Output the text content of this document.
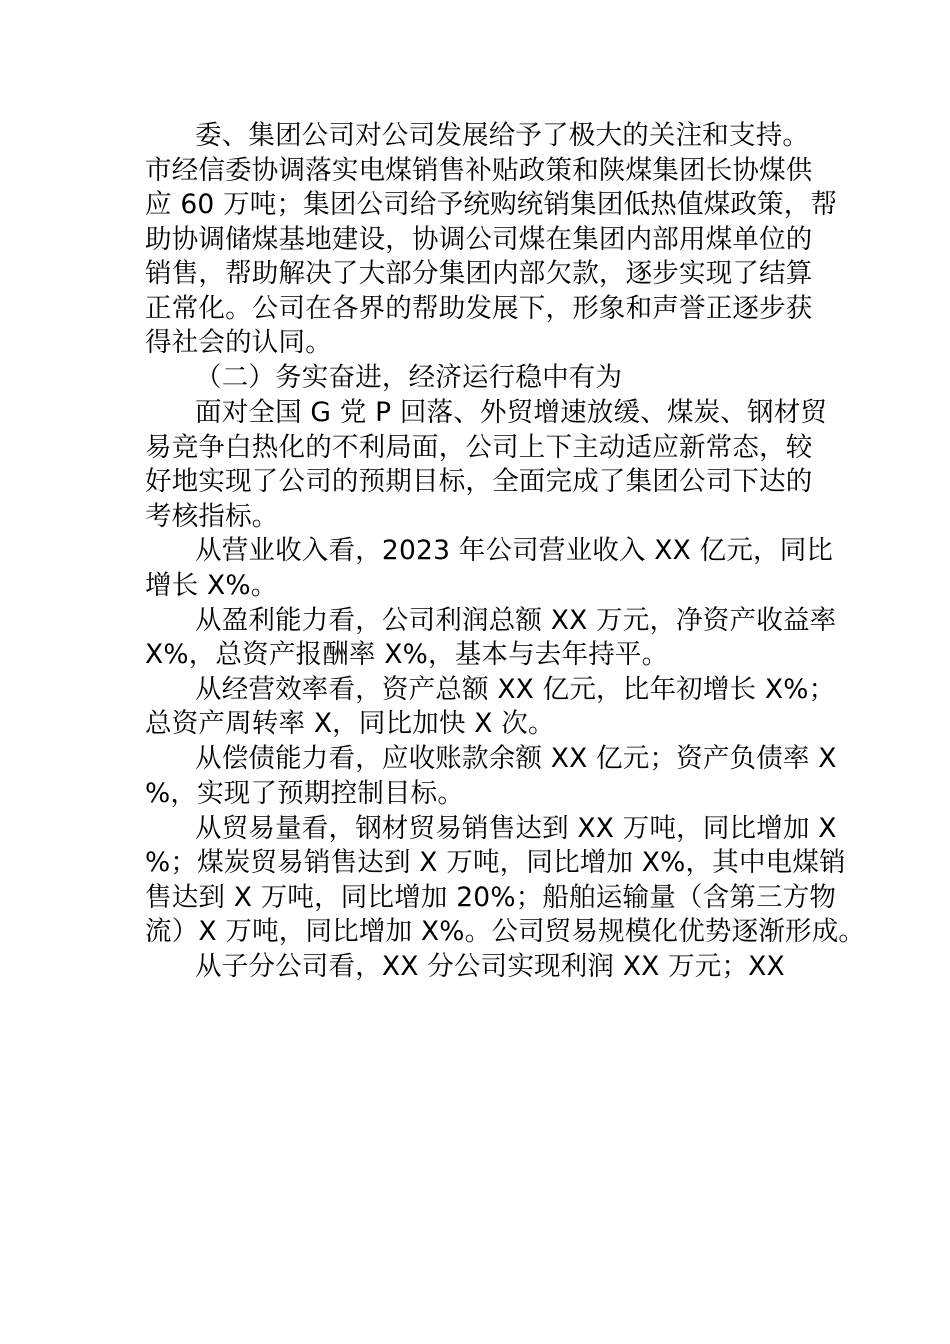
委、集团公司对公司发展给予了极大的关注和支持。
市经信委协调落实电煤销售补贴政策和陕煤集团长协煤供
应 60 万吨；集团公司给予统购统销集团低热值煤政策，帮
助协调储煤基地建设，协调公司煤在集团内部用煤单位的
销售，帮助解决了大部分集团内部欠款，逐步实现了结算
正常化。公司在各界的帮助发展下，形象和声誉正逐步获
得社会的认同。
（二）务实奋进，经济运行稳中有为
面对全国 G 党 P 回落、外贸增速放缓、煤炭、钢材贸
易竞争白热化的不利局面，公司上下主动适应新常态，较
好地实现了公司的预期目标，全面完成了集团公司下达的
考核指标。
从营业收入看，2023 年公司营业收入 XX 亿元，同比
增长 X%。
从盈利能力看，公司利润总额 XX 万元，净资产收益率
X%，总资产报酬率 X%，基本与去年持平。
从经营效率看，资产总额 XX 亿元，比年初增长 X%；
总资产周转率 X，同比加快 X 次。
从偿债能力看，应收账款余额 XX 亿元；资产负债率 X
%，实现了预期控制目标。
从贸易量看，钢材贸易销售达到 XX 万吨，同比增加 X
%；煤炭贸易销售达到 X 万吨，同比增加 X%，其中电煤销
售达到 X 万吨，同比增加 20%；船舶运输量（含第三方物
流）X 万吨，同比增加 X%。公司贸易规模化优势逐渐形成。
从子分公司看，XX 分公司实现利润 XX 万元；XX
